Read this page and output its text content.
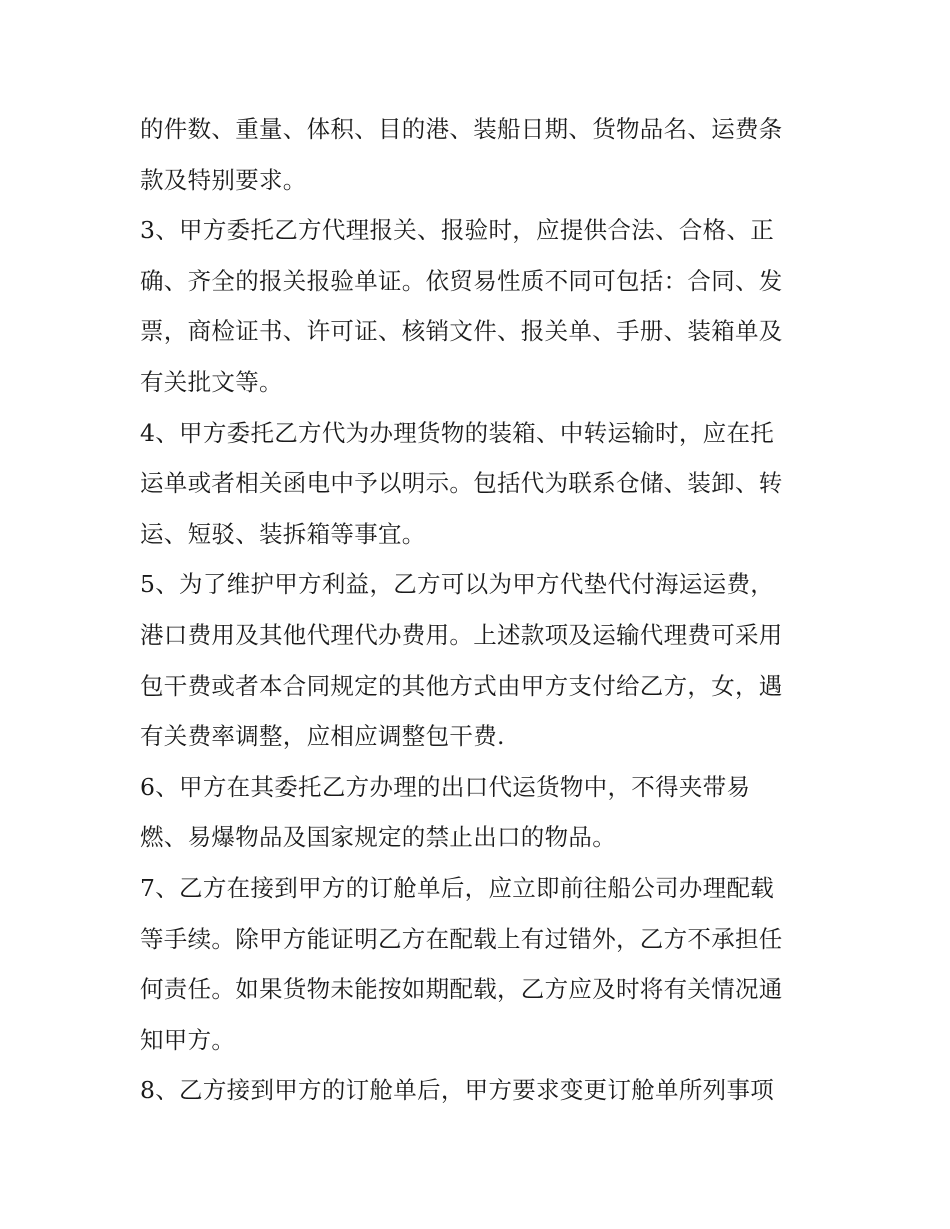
的件数、重量、体积、目的港、装船日期、货物品名、运费条
款及特别要求。
3、甲方委托乙方代理报关、报验时，应提供合法、合格、正
确、齐全的报关报验单证。依贸易性质不同可包括：合同、发
票，商检证书、许可证、核销文件、报关单、手册、装箱单及
有关批文等。
4、甲方委托乙方代为办理货物的装箱、中转运输时，应在托
运单或者相关函电中予以明示。包括代为联系仓储、装卸、转
运、短驳、装拆箱等事宜。
5、为了维护甲方利益，乙方可以为甲方代垫代付海运运费，
港口费用及其他代理代办费用。上述款项及运输代理费可采用
包干费或者本合同规定的其他方式由甲方支付给乙方，女，遇
有关费率调整，应相应调整包干费.
6、甲方在其委托乙方办理的出口代运货物中，不得夹带易
燃、易爆物品及国家规定的禁止出口的物品。
7、乙方在接到甲方的订舱单后，应立即前往船公司办理配载
等手续。除甲方能证明乙方在配载上有过错外，乙方不承担任
何责任。如果货物未能按如期配载，乙方应及时将有关情况通
知甲方。
8、乙方接到甲方的订舱单后，甲方要求变更订舱单所列事项
